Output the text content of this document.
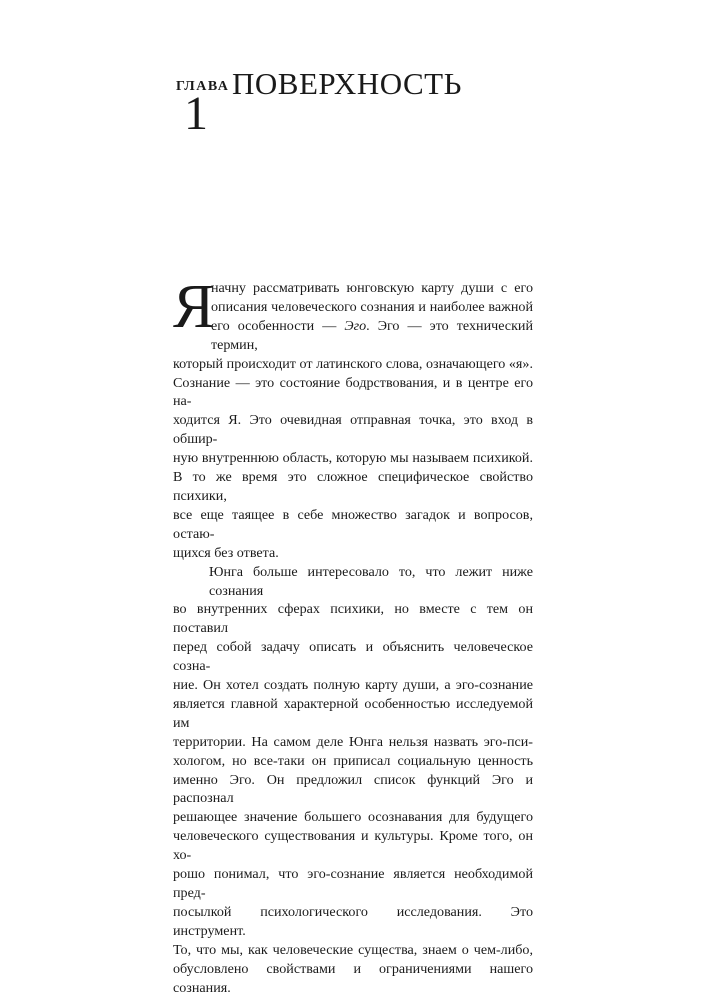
ГЛАВА
1
ПОВЕРХНОСТЬ
Я
начну рассматривать юнговскую карту души с его
описания человеческого сознания и наиболее важной
его особенности — Эго. Эго — это технический термин,
который происходит от латинского слова, означающего «я».
Сознание — это состояние бодрствования, и в центре его на-
ходится Я. Это очевидная отправная точка, это вход в обшир-
ную внутреннюю область, которую мы называем психикой.
В то же время это сложное специфическое свойство психики,
все еще таящее в себе множество загадок и вопросов, остаю-
щихся без ответа.
Юнга больше интересовало то, что лежит ниже сознания
во внутренних сферах психики, но вместе с тем он поставил
перед собой задачу описать и объяснить человеческое созна-
ние. Он хотел создать полную карту души, а эго-сознание
является главной характерной особенностью исследуемой им
территории. На самом деле Юнга нельзя назвать эго-пси-
хологом, но все-таки он приписал социальную ценность
именно Эго. Он предложил список функций Эго и распознал
решающее значение большего осознавания для будущего
человеческого существования и культуры. Кроме того, он хо-
рошо понимал, что эго-сознание является необходимой пред-
посылкой психологического исследования. Это инструмент.
То, что мы, как человеческие существа, знаем о чем-либо,
обусловлено свойствами и ограничениями нашего сознания.
